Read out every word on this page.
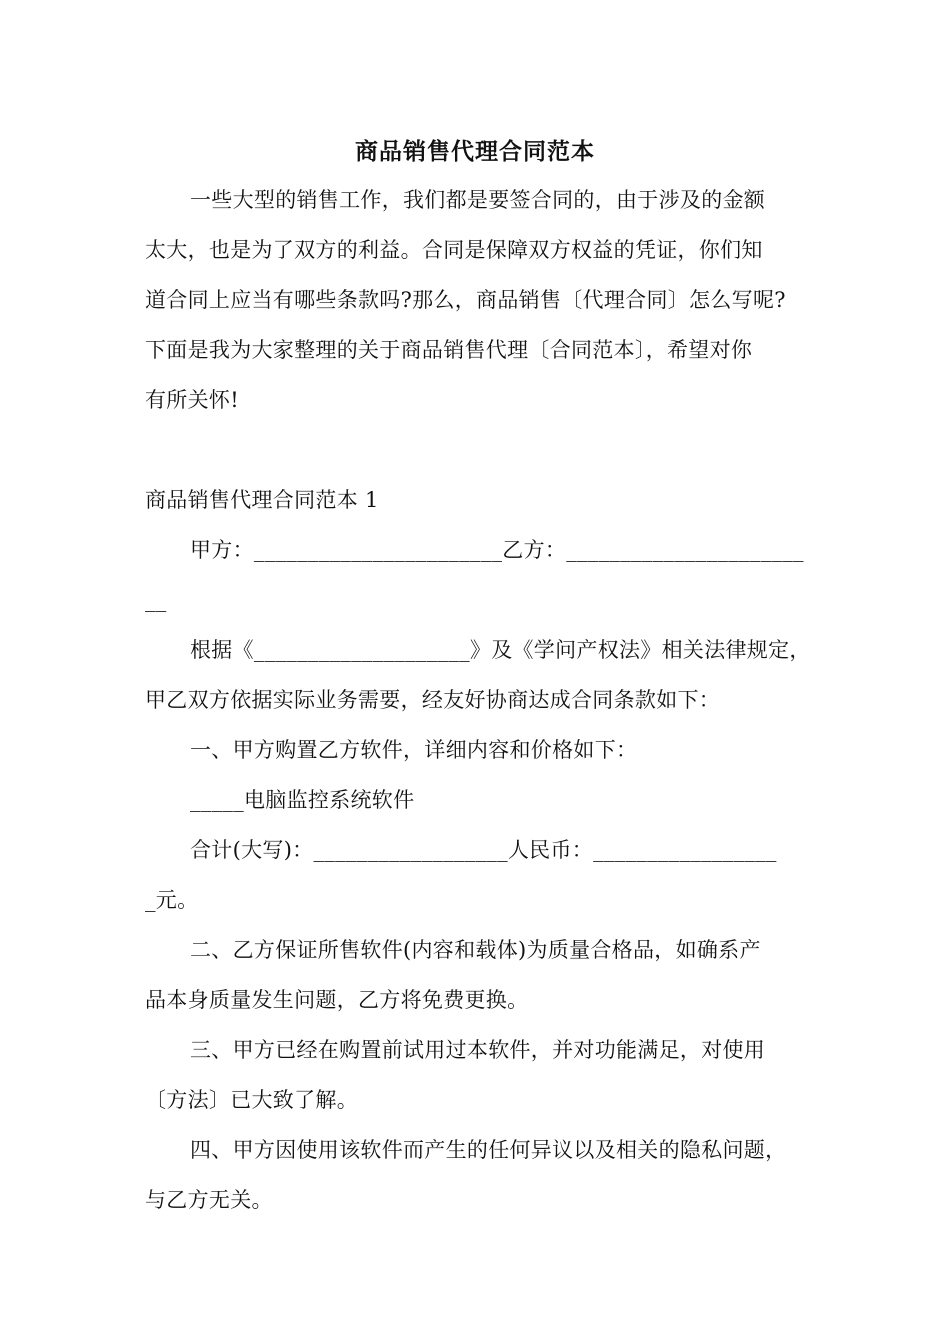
商品销售代理合同范本
一些大型的销售工作，我们都是要签合同的，由于涉及的金额
太大，也是为了双方的利益。合同是保障双方权益的凭证，你们知
道合同上应当有哪些条款吗?那么，商品销售〔代理合同〕怎么写呢?
下面是我为大家整理的关于商品销售代理〔合同范本〕，希望对你
有所关怀!
商品销售代理合同范本 1
甲方：_______________________乙方：______________________
__
根据《____________________》及《学问产权法》相关法律规定，
甲乙双方依据实际业务需要，经友好协商达成合同条款如下：
一、甲方购置乙方软件，详细内容和价格如下：
_____电脑监控系统软件
合计(大写)：__________________人民币：_________________
_元。
二、乙方保证所售软件(内容和载体)为质量合格品，如确系产
品本身质量发生问题，乙方将免费更换。
三、甲方已经在购置前试用过本软件，并对功能满足，对使用
〔方法〕已大致了解。
四、甲方因使用该软件而产生的任何异议以及相关的隐私问题，
与乙方无关。
